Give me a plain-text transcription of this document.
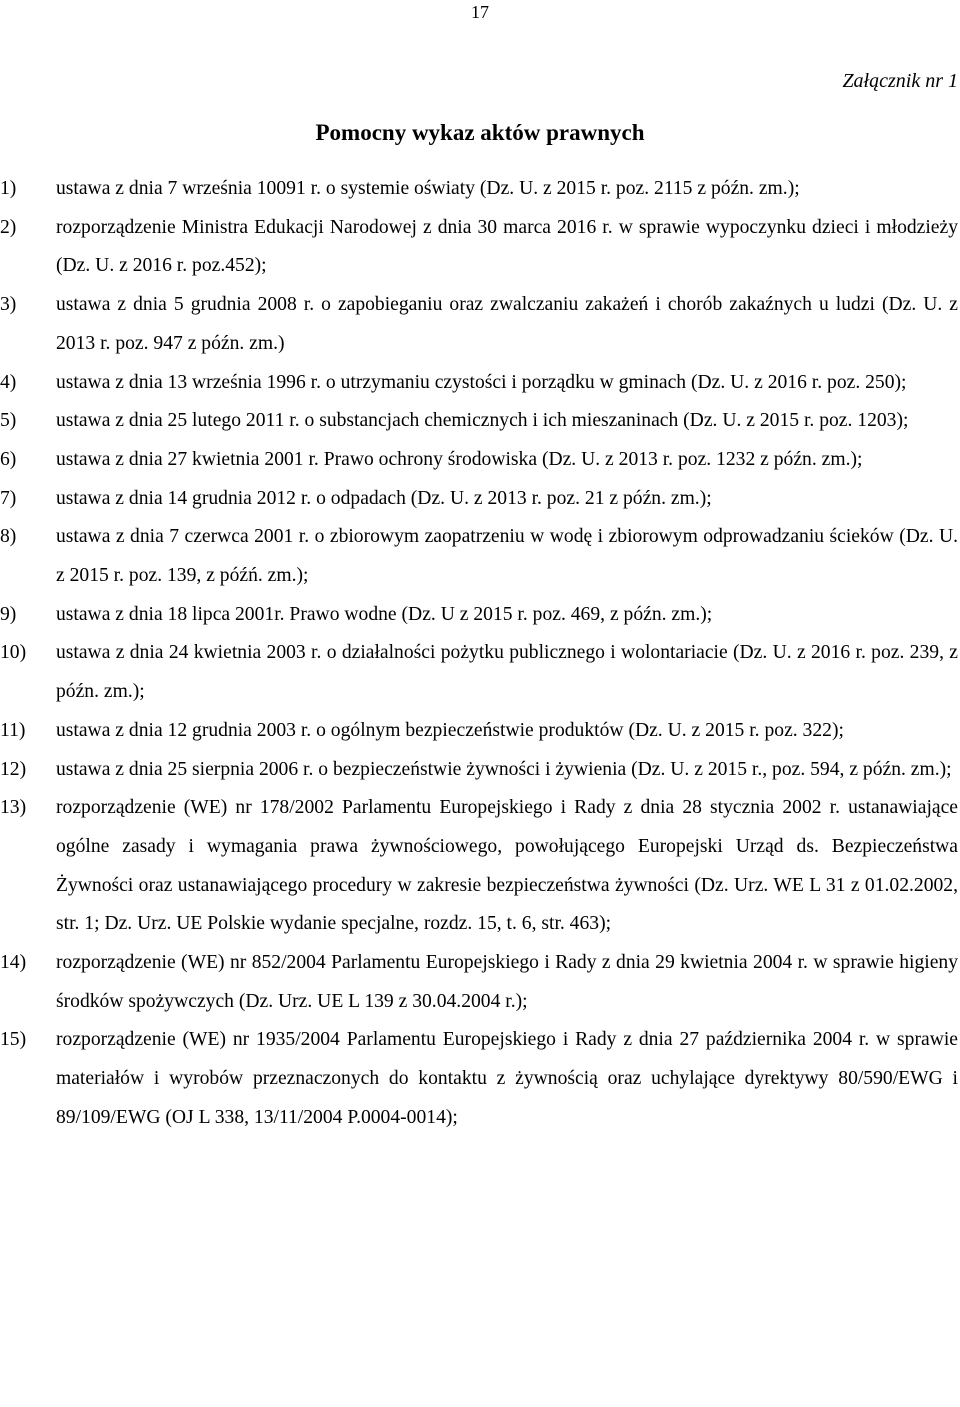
17
Załącznik nr 1
Pomocny wykaz aktów prawnych
1)	ustawa z dnia 7 września 10091 r. o systemie oświaty (Dz. U. z 2015 r. poz. 2115 z późn. zm.);
2)	rozporządzenie Ministra Edukacji Narodowej z dnia 30 marca 2016 r. w sprawie wypoczynku dzieci i młodzieży (Dz. U. z 2016 r. poz.452);
3)	ustawa z dnia 5 grudnia 2008 r. o zapobieganiu oraz zwalczaniu zakażeń i chorób zakaźnych u ludzi (Dz. U. z 2013 r. poz. 947 z późn. zm.)
4)	ustawa z dnia 13 września 1996 r. o utrzymaniu czystości i porządku w gminach (Dz. U. z 2016 r. poz. 250);
5)	ustawa z dnia 25 lutego 2011 r. o substancjach chemicznych i ich mieszaninach (Dz. U. z 2015 r. poz. 1203);
6)	ustawa z dnia 27 kwietnia 2001 r. Prawo ochrony środowiska (Dz. U. z 2013 r. poz. 1232 z późn. zm.);
7)	ustawa z dnia 14 grudnia 2012 r. o odpadach (Dz. U. z 2013 r. poz. 21 z późn. zm.);
8)	ustawa z dnia 7 czerwca 2001 r. o zbiorowym zaopatrzeniu w wodę i zbiorowym odprowadzaniu ścieków (Dz. U. z 2015 r. poz. 139, z późń. zm.);
9)	ustawa z dnia 18 lipca 2001r. Prawo wodne (Dz. U z 2015 r. poz. 469, z późn. zm.);
10)	ustawa z dnia 24 kwietnia 2003 r. o działalności pożytku publicznego i wolontariacie (Dz. U. z 2016 r. poz. 239, z późn. zm.);
11)	ustawa z dnia 12 grudnia 2003 r. o ogólnym bezpieczeństwie produktów (Dz. U. z 2015 r. poz. 322);
12)	ustawa z dnia 25 sierpnia 2006 r. o bezpieczeństwie żywności i żywienia (Dz. U. z 2015 r., poz. 594, z późn. zm.);
13)	rozporządzenie (WE) nr 178/2002 Parlamentu Europejskiego i Rady z dnia 28 stycznia 2002 r. ustanawiające ogólne zasady i wymagania prawa żywnościowego, powołującego Europejski Urząd ds. Bezpieczeństwa Żywności oraz ustanawiającego procedury w zakresie bezpieczeństwa żywności (Dz. Urz. WE L 31 z 01.02.2002, str. 1; Dz. Urz. UE Polskie wydanie specjalne, rozdz. 15, t. 6, str. 463);
14)	rozporządzenie (WE) nr 852/2004 Parlamentu Europejskiego i Rady z dnia 29 kwietnia 2004 r. w sprawie higieny środków spożywczych (Dz. Urz. UE L 139 z 30.04.2004 r.);
15)	rozporządzenie (WE) nr 1935/2004 Parlamentu Europejskiego i Rady z dnia 27 października 2004 r. w sprawie materiałów i wyrobów przeznaczonych do kontaktu z żywnością oraz uchylające dyrektywy 80/590/EWG i 89/109/EWG (OJ L 338, 13/11/2004 P.0004-0014);
